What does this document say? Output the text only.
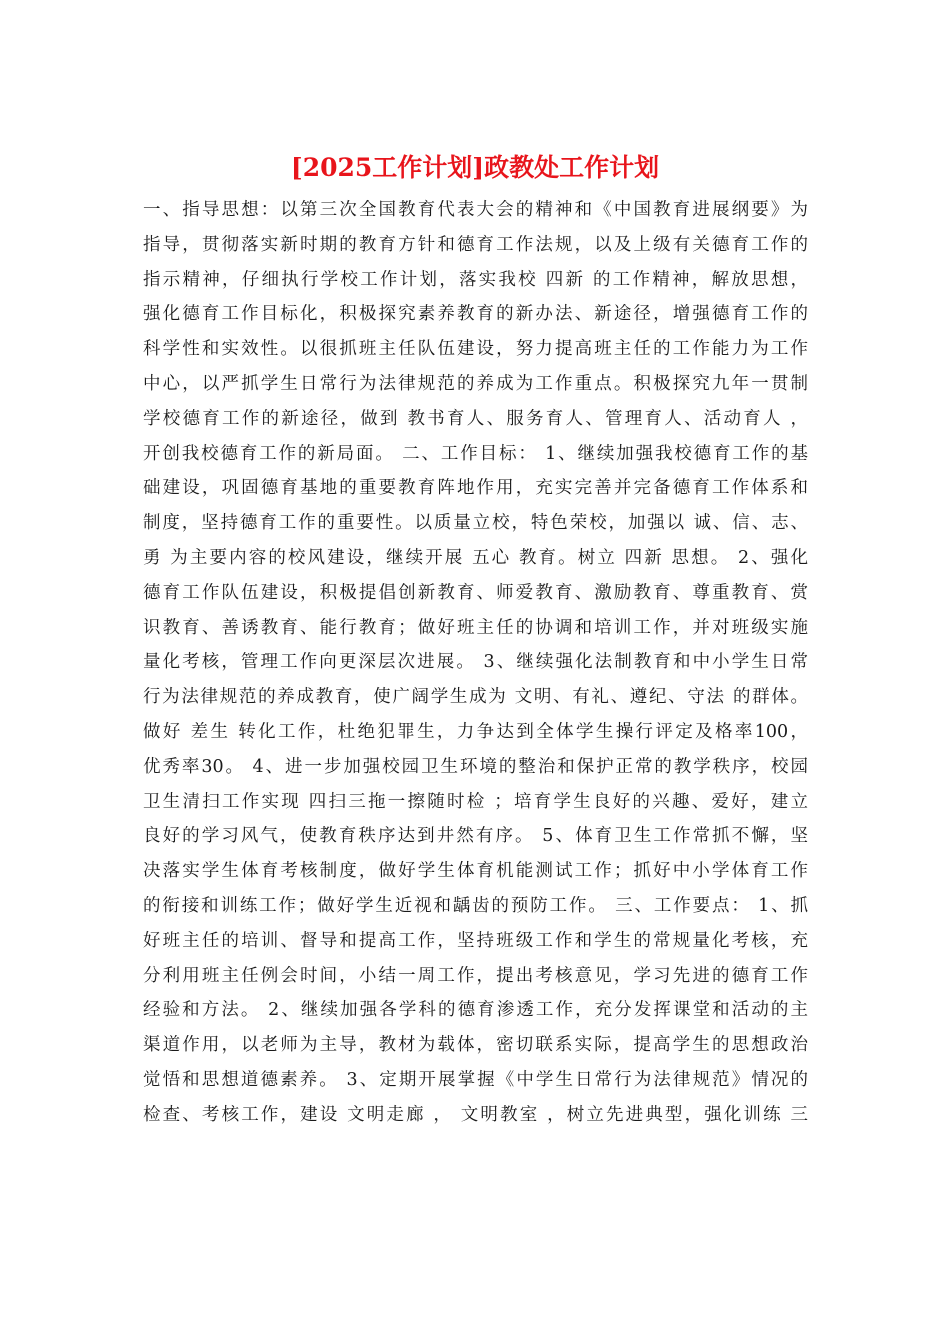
[2025工作计划]政教处工作计划
一、指导思想：以第三次全国教育代表大会的精神和《中国教育进展纲要》为
指导，贯彻落实新时期的教育方针和德育工作法规，以及上级有关德育工作的
指示精神，仔细执行学校工作计划，落实我校 四新 的工作精神，解放思想，
强化德育工作目标化，积极探究素养教育的新办法、新途径，增强德育工作的
科学性和实效性。以很抓班主任队伍建设，努力提高班主任的工作能力为工作
中心，以严抓学生日常行为法律规范的养成为工作重点。积极探究九年一贯制
学校德育工作的新途径，做到 教书育人、服务育人、管理育人、活动育人 ，
开创我校德育工作的新局面。 二、工作目标： 1、继续加强我校德育工作的基
础建设，巩固德育基地的重要教育阵地作用，充实完善并完备德育工作体系和
制度，坚持德育工作的重要性。以质量立校，特色荣校，加强以 诚、信、志、
勇 为主要内容的校风建设，继续开展 五心 教育。树立 四新 思想。 2、强化
德育工作队伍建设，积极提倡创新教育、师爱教育、激励教育、尊重教育、赏
识教育、善诱教育、能行教育；做好班主任的协调和培训工作，并对班级实施
量化考核，管理工作向更深层次进展。 3、继续强化法制教育和中小学生日常
行为法律规范的养成教育，使广阔学生成为 文明、有礼、遵纪、守法 的群体。
做好 差生 转化工作，杜绝犯罪生，力争达到全体学生操行评定及格率100，
优秀率30。 4、进一步加强校园卫生环境的整治和保护正常的教学秩序，校园
卫生清扫工作实现 四扫三拖一擦随时检 ；培育学生良好的兴趣、爱好，建立
良好的学习风气，使教育秩序达到井然有序。 5、体育卫生工作常抓不懈，坚
决落实学生体育考核制度，做好学生体育机能测试工作；抓好中小学体育工作
的衔接和训练工作；做好学生近视和龋齿的预防工作。 三、工作要点： 1、抓
好班主任的培训、督导和提高工作，坚持班级工作和学生的常规量化考核，充
分利用班主任例会时间，小结一周工作，提出考核意见，学习先进的德育工作
经验和方法。 2、继续加强各学科的德育渗透工作，充分发挥课堂和活动的主
渠道作用，以老师为主导，教材为载体，密切联系实际，提高学生的思想政治
觉悟和思想道德素养。 3、定期开展掌握《中学生日常行为法律规范》情况的
检查、考核工作，建设 文明走廊 ， 文明教室 ，树立先进典型，强化训练 三
